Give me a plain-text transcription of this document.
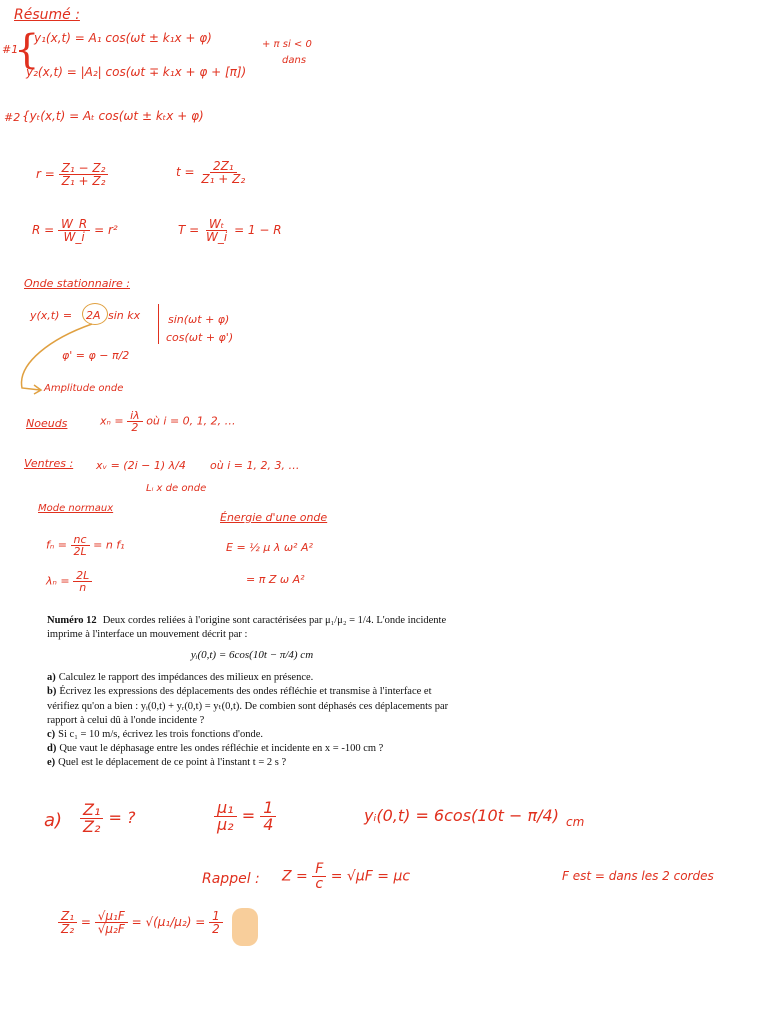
Résumé :
#1
{
y₁(x,t) = A₁ cos(ωt ± k₁x + φ)
y₂(x,t) = |A₂| cos(ωt ∓ k₁x + φ + [π])
+ π si < 0
dans
#2 {yₜ(x,t) = Aₜ cos(ωt ± kₜx + φ)
$r = \frac{\text{Z₁ − Z₂}}{\text{Z₁ + Z₂}}$	$t = \frac{\text{2Z₁}}{\text{Z₁ + Z₂}}$
$R = \frac{W\_R}{W\_i} = r^2$	$T = \frac{\text{Wₜ}}{W\_i} = 1 - R$
Onde stationnaire :
y(x,t) = 2A sin kx	sin(ωt + φ)
cos(ωt + φ')
φ' = φ − π/2
Amplitude onde
Noeuds	$x_n = \frac{i\lambda}{2}$ où i = 0, 1, 2, …
Ventres : xᵥ = (2i − 1) λ/4 où i = 1, 2, 3, …
Lᵢ x de onde
Mode normaux
Énergie d'une onde
$f_n = \frac{nc}{2L} = n$ f₁	E = ½ μ λ ω² A²
$\lambda_n = \frac{2L}{n}$	= π Z ω A²
Numéro 12 Deux cordes reliées à l'origine sont caractérisées par μ₁/μ₂ = 1/4. L'onde incidente imprime à l'interface un mouvement décrit par :
yᵢ(0,t) = 6cos(10t − π/4) cm
a) Calculez le rapport des impédances des milieux en présence.
b) Écrivez les expressions des déplacements des ondes réfléchie et transmise à l'interface et vérifiez qu'on a bien : yᵢ(0,t) + yᵣ(0,t) = yₜ(0,t). De combien sont déphasés ces déplacements par rapport à celui dû à l'onde incidente ?
c) Si c₁ = 10 m/s, écrivez les trois fonctions d'onde.
d) Que vaut le déphasage entre les ondes réfléchie et incidente en x = -100 cm ?
e) Quel est le déplacement de ce point à l'instant t = 2 s ?
$a) \frac{\text{Z₁}}{\text{Z₂}}$ = ?	$\frac{\text{μ₁}}{\text{μ₂}} = \frac{1}{4}$	yᵢ(0,t) = 6cos(10t − π/4) cm
Rappel : $Z = \frac{F}{c} = √\mu F = \mu c$	F est = dans les 2 cordes
$\frac{\text{Z₁}}{\text{Z₂}} = \frac{\text{√μ₁F}}{\text{√μ₂F}} = √(\mu_1/\mu_2) = \frac{1}{2}$
